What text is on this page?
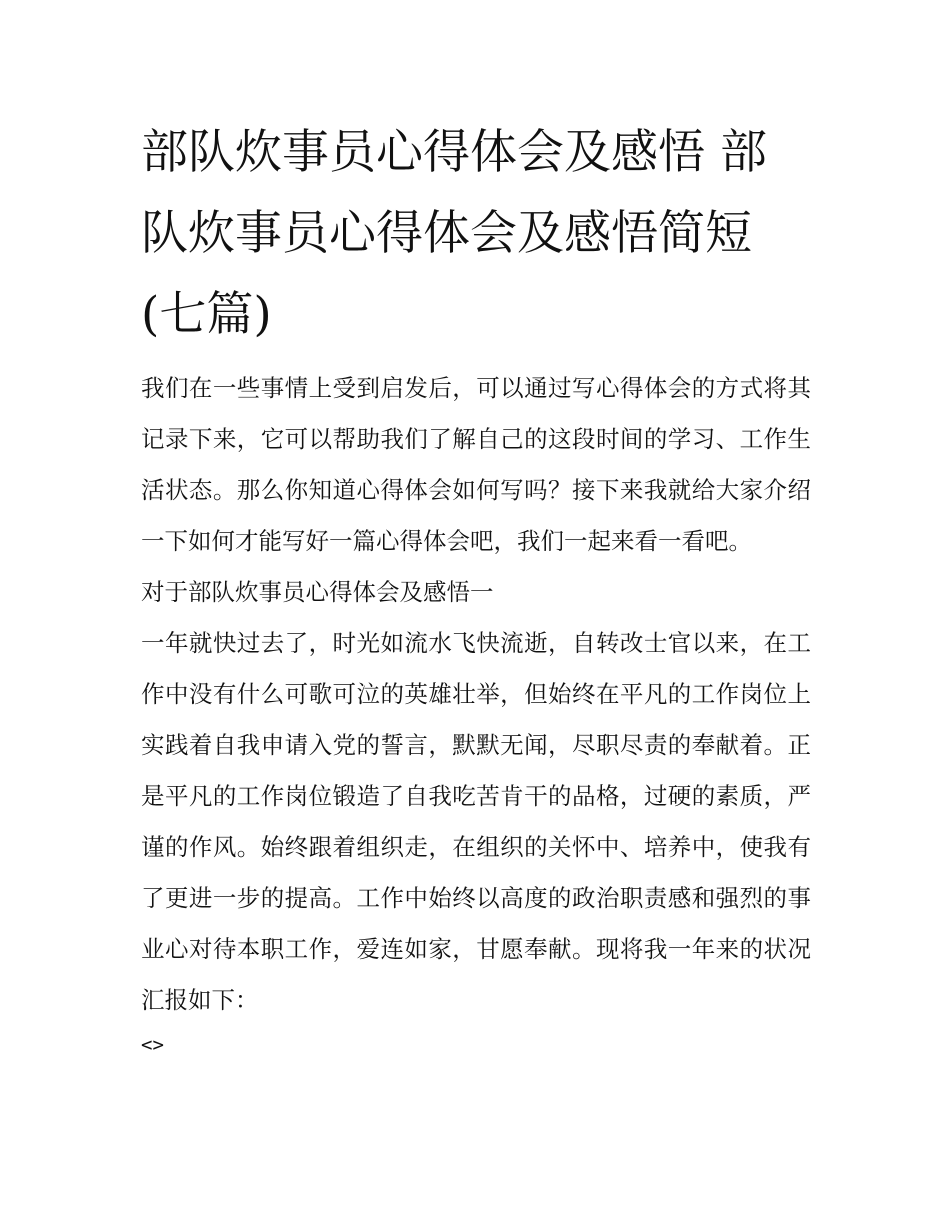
部队炊事员心得体会及感悟 部队炊事员心得体会及感悟简短(七篇)

我们在一些事情上受到启发后，可以通过写心得体会的方式将其记录下来，它可以帮助我们了解自己的这段时间的学习、工作生活状态。那么你知道心得体会如何写吗？接下来我就给大家介绍一下如何才能写好一篇心得体会吧，我们一起来看一看吧。

对于部队炊事员心得体会及感悟一

一年就快过去了，时光如流水飞快流逝，自转改士官以来，在工作中没有什么可歌可泣的英雄壮举，但始终在平凡的工作岗位上实践着自我申请入党的誓言，默默无闻，尽职尽责的奉献着。正是平凡的工作岗位锻造了自我吃苦肯干的品格，过硬的素质，严谨的作风。始终跟着组织走，在组织的关怀中、培养中，使我有了更进一步的提高。工作中始终以高度的政治职责感和强烈的事业心对待本职工作，爱连如家，甘愿奉献。现将我一年来的状况汇报如下：

<>
